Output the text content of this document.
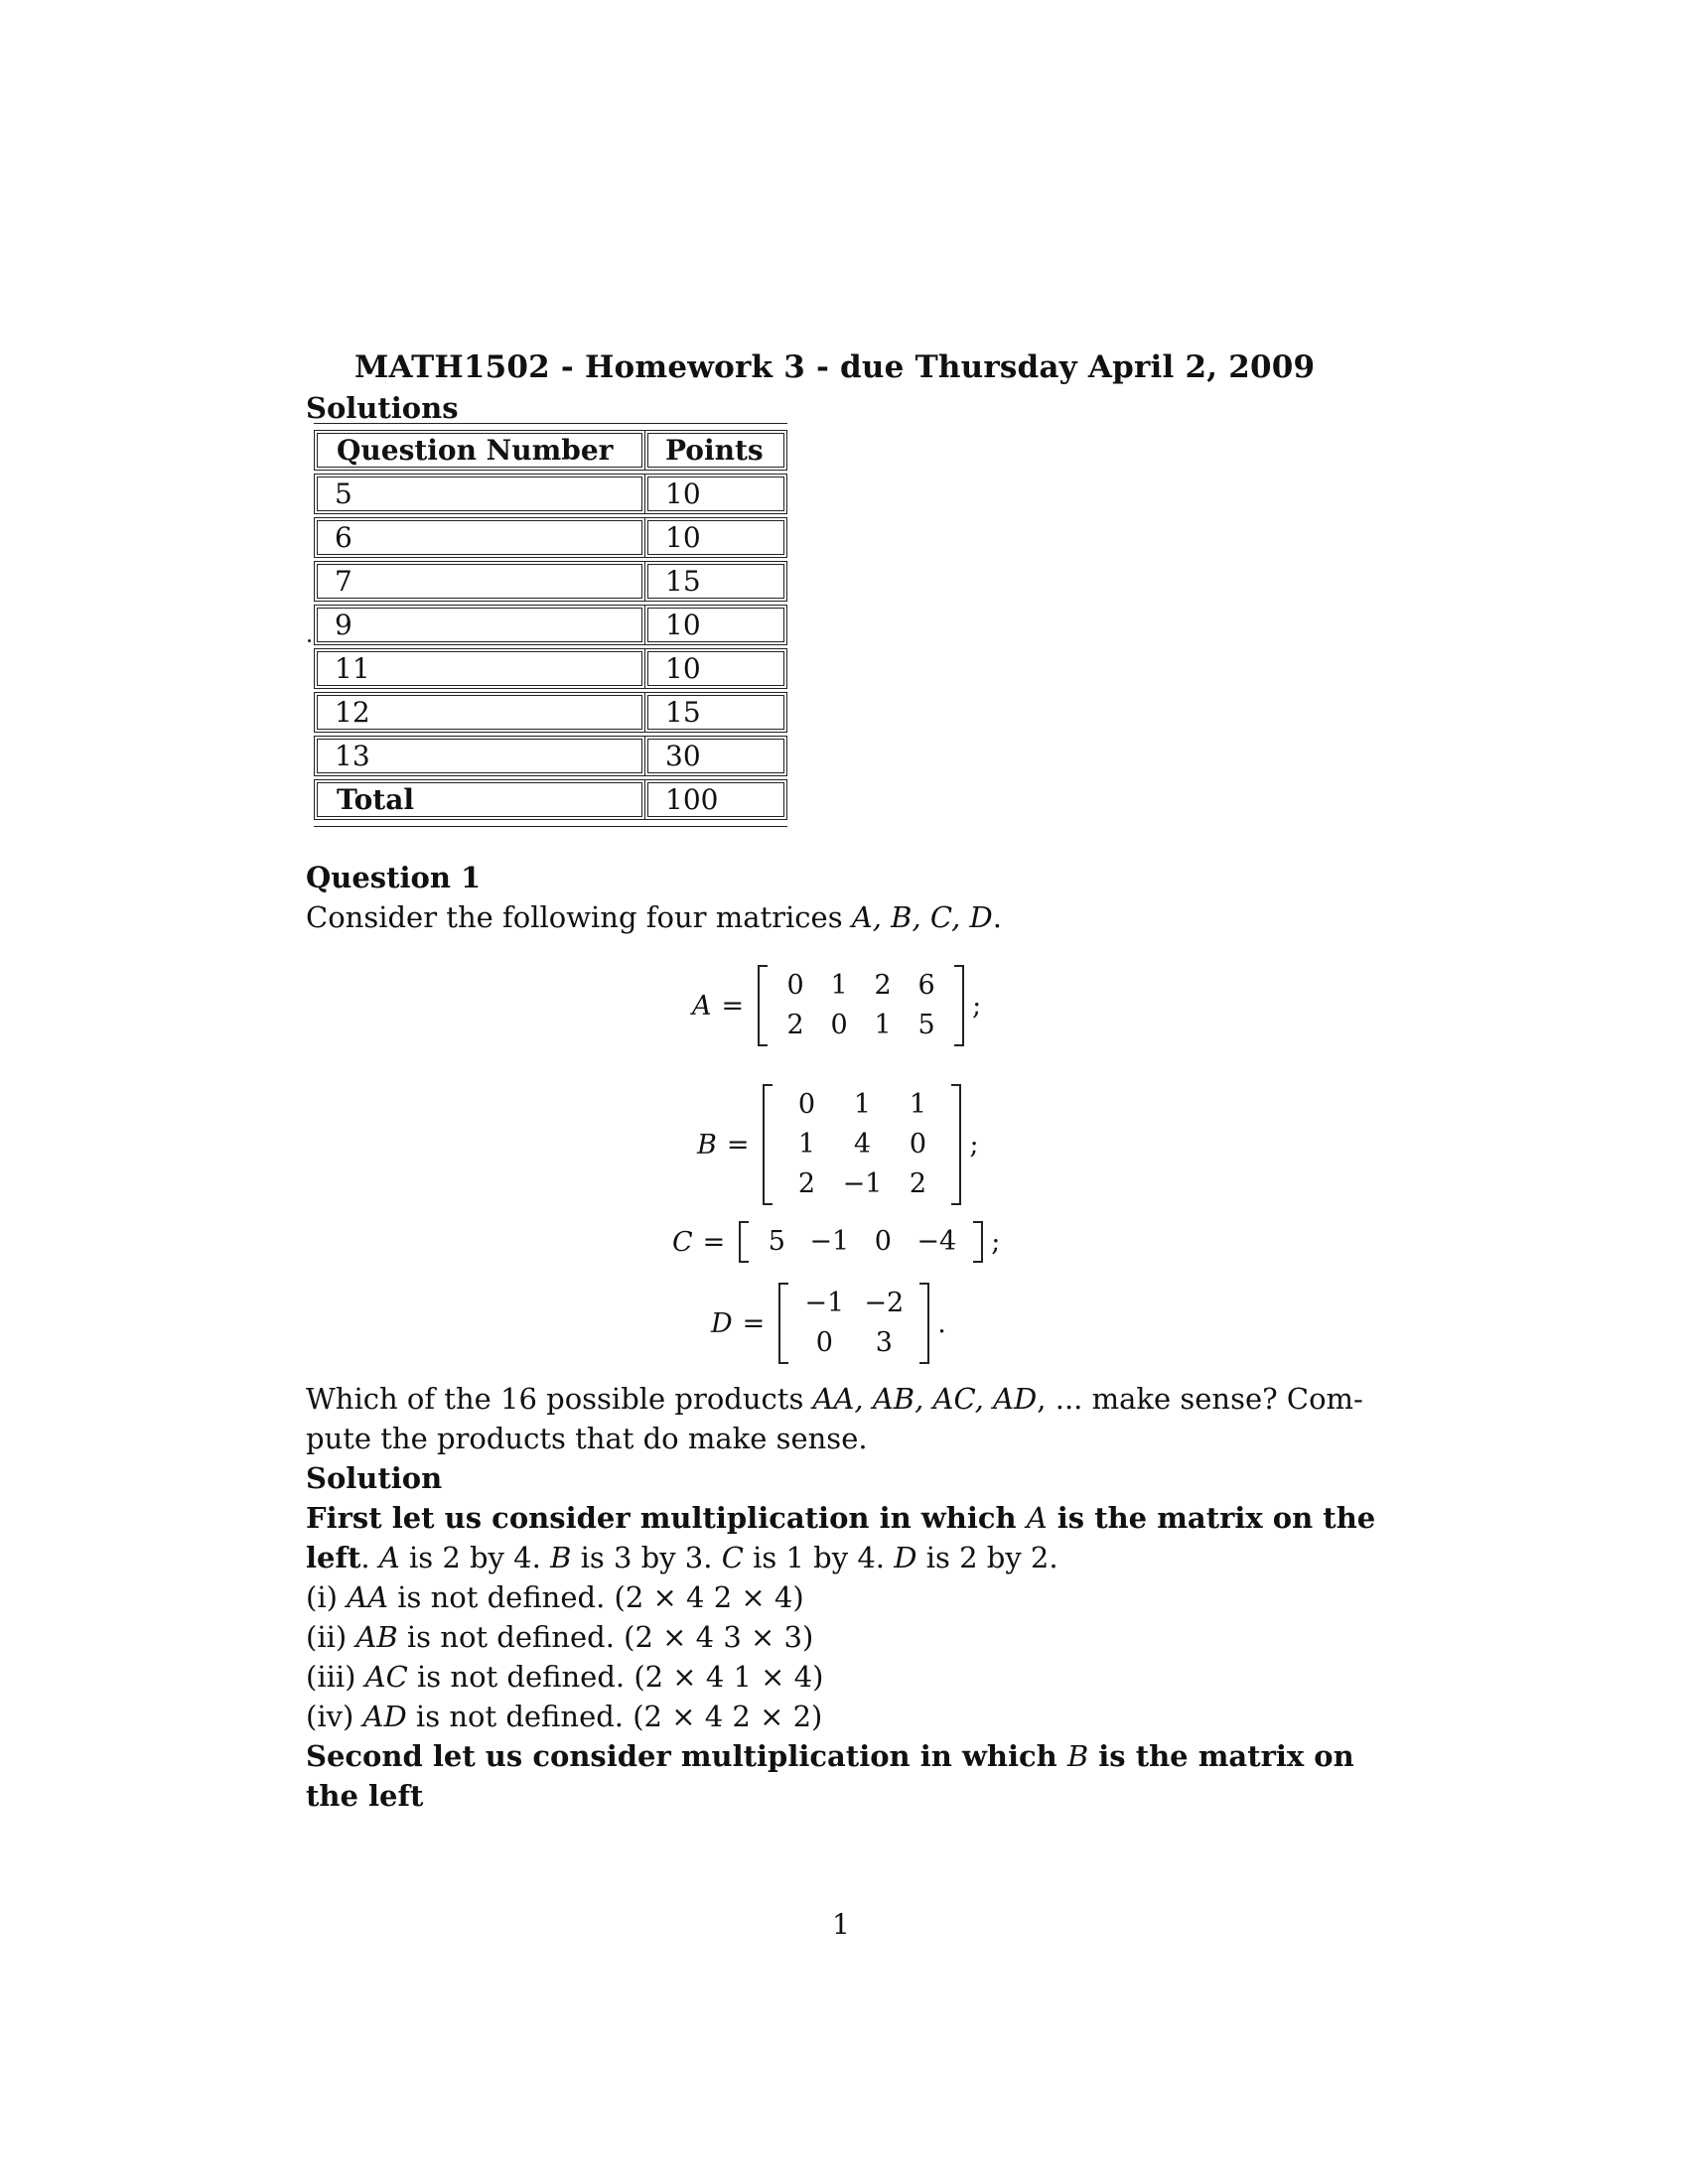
MATH1502 - Homework 3 - due Thursday April 2, 2009
Solutions
Question Number	Points
5	10
6	10
7	15
9	10
11	10
12	15
13	30
Total	100
Question 1
Consider the following four matrices A, B, C, D.
A =
0 1 2 6
2 0 1 5
;
B =
0	1	1
1	4	0
2	−1	2
;
C =	5 −1 0 −4	;
D =
−1 −2
0	3
.
Which of the 16 possible products AA, AB, AC, AD, ... make sense? Com-
pute the products that do make sense.
Solution
First let us consider multiplication in which A is the matrix on the
left. A is 2 by 4. B is 3 by 3. C is 1 by 4. D is 2 by 2.
(i) AA is not defined. (2 × 4 2 × 4)
(ii) AB is not defined. (2 × 4 3 × 3)
(iii) AC is not defined. (2 × 4 1 × 4)
(iv) AD is not defined. (2 × 4 2 × 2)
Second let us consider multiplication in which B is the matrix on
the left
1
